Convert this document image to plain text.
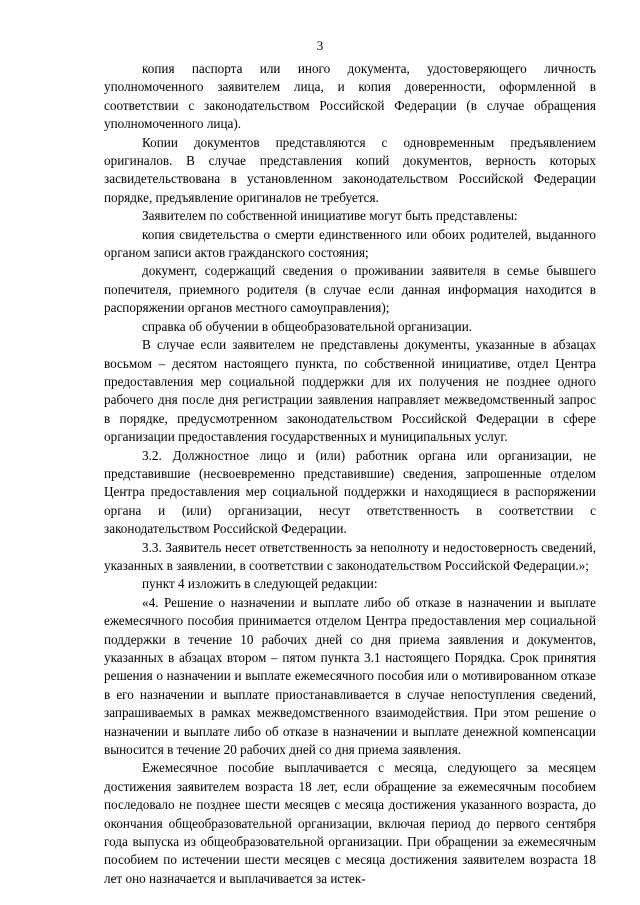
3

копия паспорта или иного документа, удостоверяющего личность уполномоченного заявителем лица, и копия доверенности, оформленной в соответствии с законодательством Российской Федерации (в случае обращения уполномоченного лица).

Копии документов представляются с одновременным предъявлением оригиналов. В случае представления копий документов, верность которых засвидетельствована в установленном законодательством Российской Федерации порядке, предъявление оригиналов не требуется.

Заявителем по собственной инициативе могут быть представлены:

копия свидетельства о смерти единственного или обоих родителей, выданного органом записи актов гражданского состояния;

документ, содержащий сведения о проживании заявителя в семье бывшего попечителя, приемного родителя (в случае если данная информация находится в распоряжении органов местного самоуправления);

справка об обучении в общеобразовательной организации.

В случае если заявителем не представлены документы, указанные в абзацах восьмом – десятом настоящего пункта, по собственной инициативе, отдел Центра предоставления мер социальной поддержки для их получения не позднее одного рабочего дня после дня регистрации заявления направляет межведомственный запрос в порядке, предусмотренном законодательством Российской Федерации в сфере организации предоставления государственных и муниципальных услуг.

3.2. Должностное лицо и (или) работник органа или организации, не представившие (несвоевременно представившие) сведения, запрошенные отделом Центра предоставления мер социальной поддержки и находящиеся в распоряжении органа и (или) организации, несут ответственность в соответствии с законодательством Российской Федерации.

3.3. Заявитель несет ответственность за неполноту и недостоверность сведений, указанных в заявлении, в соответствии с законодательством Российской Федерации.»;

пункт 4 изложить в следующей редакции:

«4. Решение о назначении и выплате либо об отказе в назначении и выплате ежемесячного пособия принимается отделом Центра предоставления мер социальной поддержки в течение 10 рабочих дней со дня приема заявления и документов, указанных в абзацах втором – пятом пункта 3.1 настоящего Порядка. Срок принятия решения о назначении и выплате ежемесячного пособия или о мотивированном отказе в его назначении и выплате приостанавливается в случае непоступления сведений, запрашиваемых в рамках межведомственного взаимодействия. При этом решение о назначении и выплате либо об отказе в назначении и выплате денежной компенсации выносится в течение 20 рабочих дней со дня приема заявления.

Ежемесячное пособие выплачивается с месяца, следующего за месяцем достижения заявителем возраста 18 лет, если обращение за ежемесячным пособием последовало не позднее шести месяцев с месяца достижения указанного возраста, до окончания общеобразовательной организации, включая период до первого сентября года выпуска из общеобразовательной организации. При обращении за ежемесячным пособием по истечении шести месяцев с месяца достижения заявителем возраста 18 лет оно назначается и выплачивается за истек-
